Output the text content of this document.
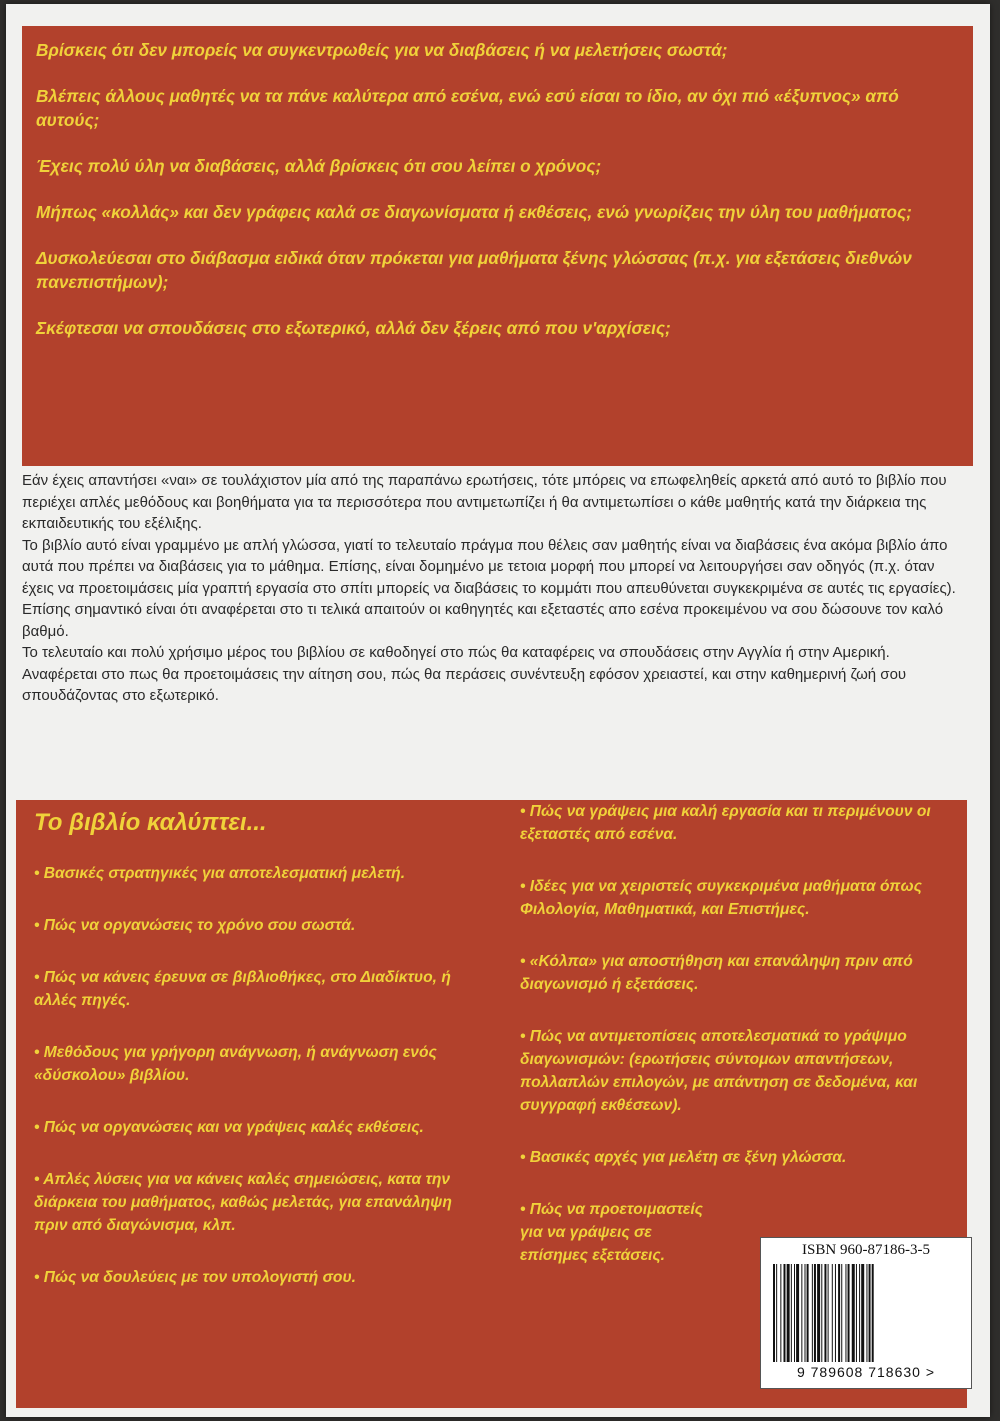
Βρίσκεις ότι δεν μπορείς να συγκεντρωθείς για να διαβάσεις ή να μελετήσεις σωστά;

Βλέπεις άλλους μαθητές να τα πάνε καλύτερα από εσένα, ενώ εσύ είσαι το ίδιο, αν όχι πιό «έξυπνος» από αυτούς;

Έχεις πολύ ύλη να διαβάσεις, αλλά βρίσκεις ότι σου λείπει ο χρόνος;

Μήπως «κολλάς» και δεν γράφεις καλά σε διαγωνίσματα ή εκθέσεις, ενώ γνωρίζεις την ύλη του μαθήματος;

Δυσκολεύεσαι στο διάβασμα ειδικά όταν πρόκεται για μαθήματα ξένης γλώσσας (π.χ. για εξετάσεις διεθνών πανεπιστήμων);

Σκέφτεσαι να σπουδάσεις στο εξωτερικό, αλλά δεν ξέρεις από που ν'αρχίσεις;

Εάν έχεις απαντήσει «ναι» σε τουλάχιστον μία από της παραπάνω ερωτήσεις, τότε μπόρεις να επωφεληθείς αρκετά από αυτό το βιβλίο που περιέχει απλές μεθόδους και βοηθήματα για τα περισσότερα που αντιμετωπίζει ή θα αντιμετωπίσει ο κάθε μαθητής κατά την διάρκεια της εκπαιδευτικής του εξέλιξης.

Το βιβλίο αυτό είναι γραμμένο με απλή γλώσσα, γιατί το τελευταίο πράγμα που θέλεις σαν μαθητής είναι να διαβάσεις ένα ακόμα βιβλίο άπο αυτά που πρέπει να διαβάσεις για το μάθημα. Επίσης, είναι δομημένο με τετοια μορφή που μπορεί να λειτουργήσει σαν οδηγός (π.χ. όταν έχεις να προετοιμάσεις μία γραπτή εργασία στο σπίτι μπορείς να διαβάσεις το κομμάτι που απευθύνεται συγκεκριμένα σε αυτές τις εργασίες). Επίσης σημαντικό είναι ότι αναφέρεται στο τι τελικά απαιτούν οι καθηγητές και εξεταστές απο εσένα προκειμένου να σου δώσουνε τον καλό βαθμό.

Το τελευταίο και πολύ χρήσιμο μέρος του βιβλίου σε καθοδηγεί στο πώς θα καταφέρεις να σπουδάσεις στην Αγγλία ή στην Αμερική. Αναφέρεται στο πως θα προετοιμάσεις την αίτηση σου, πώς θα περάσεις συνέντευξη εφόσον χρειαστεί, και στην καθημερινή ζωή σου σπουδάζοντας στο εξωτερικό.

Το βιβλίο καλύπτει...

• Βασικές στρατηγικές για αποτελεσματική μελετή.

• Πώς να οργανώσεις το χρόνο σου σωστά.

• Πώς να κάνεις έρευνα σε βιβλιοθήκες, στο Διαδίκτυο, ή αλλές πηγές.

• Μεθόδους για γρήγορη ανάγνωση, ή ανάγνωση ενός «δύσκολου» βιβλίου.

• Πώς να οργανώσεις και να γράψεις καλές εκθέσεις.

• Απλές λύσεις για να κάνεις καλές σημειώσεις, κατα την διάρκεια του μαθήματος, καθώς μελετάς, για επανάληψη πριν από διαγώνισμα, κλπ.

• Πώς να δουλεύεις με τον υπολογιστή σου.

• Πώς να γράψεις μια καλή εργασία και τι περιμένουν οι εξεταστές από εσένα.

• Ιδέες για να χειριστείς συγκεκριμένα μαθήματα όπως Φιλολογία, Μαθηματικά, και Επιστήμες.

• «Κόλπα» για αποστήθηση και επανάληψη πριν από διαγωνισμό ή εξετάσεις.

• Πώς να αντιμετοπίσεις αποτελεσματικά το γράψιμο διαγωνισμών: (ερωτήσεις σύντομων απαντήσεων, πολλαπλών επιλογών, με απάντηση σε δεδομένα, και συγγραφή εκθέσεων).

• Βασικές αρχές για μελέτη σε ξένη γλώσσα.

• Πώς να προετοιμαστείς για να γράψεις σε επίσημες εξετάσεις.	ISBN 960-87186-3-5
9 789608 718630 >
